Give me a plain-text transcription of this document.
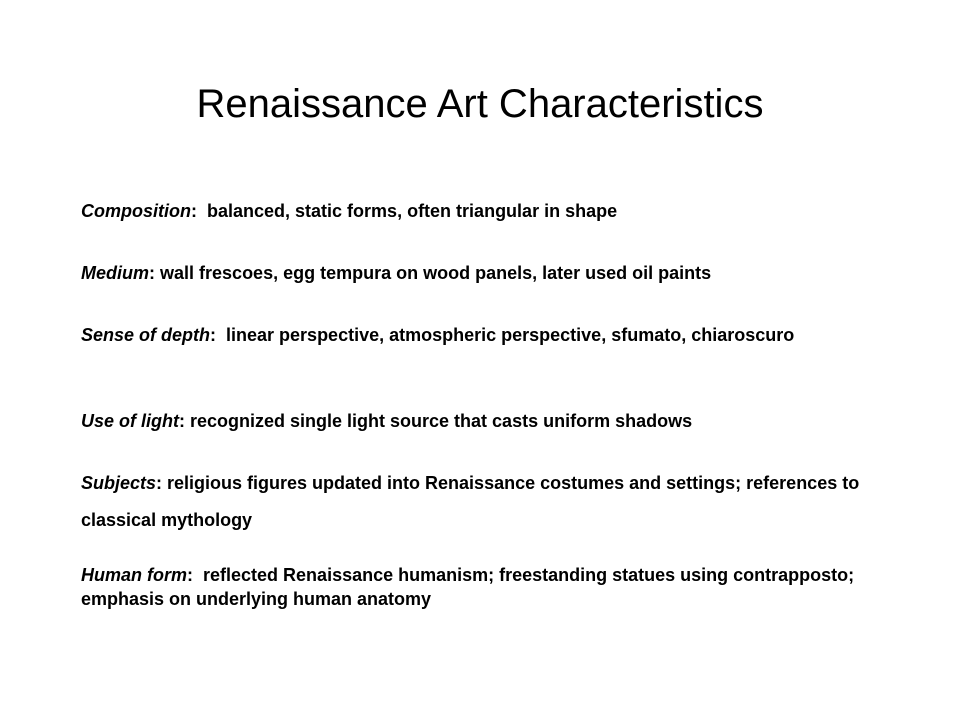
Renaissance Art Characteristics

Composition:  balanced, static forms, often triangular in shape

Medium: wall frescoes, egg tempura on wood panels, later used oil paints

Sense of depth:  linear perspective, atmospheric perspective, sfumato, chiaroscuro

Use of light: recognized single light source that casts uniform shadows

Subjects: religious figures updated into Renaissance costumes and settings; references to classical mythology

Human form:  reflected Renaissance humanism; freestanding statues using contrapposto; emphasis on underlying human anatomy
